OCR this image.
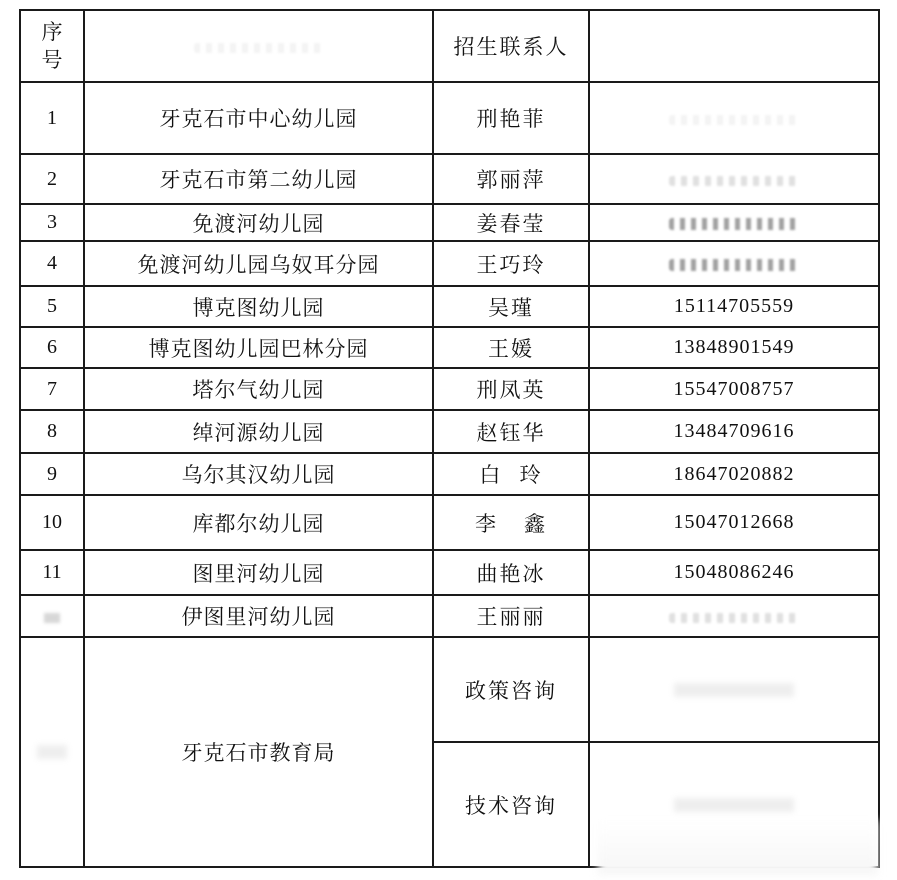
序
号		招生联系人	
1	牙克石市中心幼儿园	刑艳菲	
2	牙克石市第二幼儿园	郭丽萍	
3	免渡河幼儿园	姜春莹	
4	免渡河幼儿园乌奴耳分园	王巧玲	
5	博克图幼儿园	吴瑾	15114705559
6	博克图幼儿园巴林分园	王媛	13848901549
7	塔尔气幼儿园	刑凤英	15547008757
8	绰河源幼儿园	赵钰华	13484709616
9	乌尔其汉幼儿园	白  玲	18647020882
10	库都尔幼儿园	李   鑫	15047012668
11	图里河幼儿园	曲艳冰	15048086246
	伊图里河幼儿园	王丽丽	
	牙克石市教育局	政策咨询	
		技术咨询	
